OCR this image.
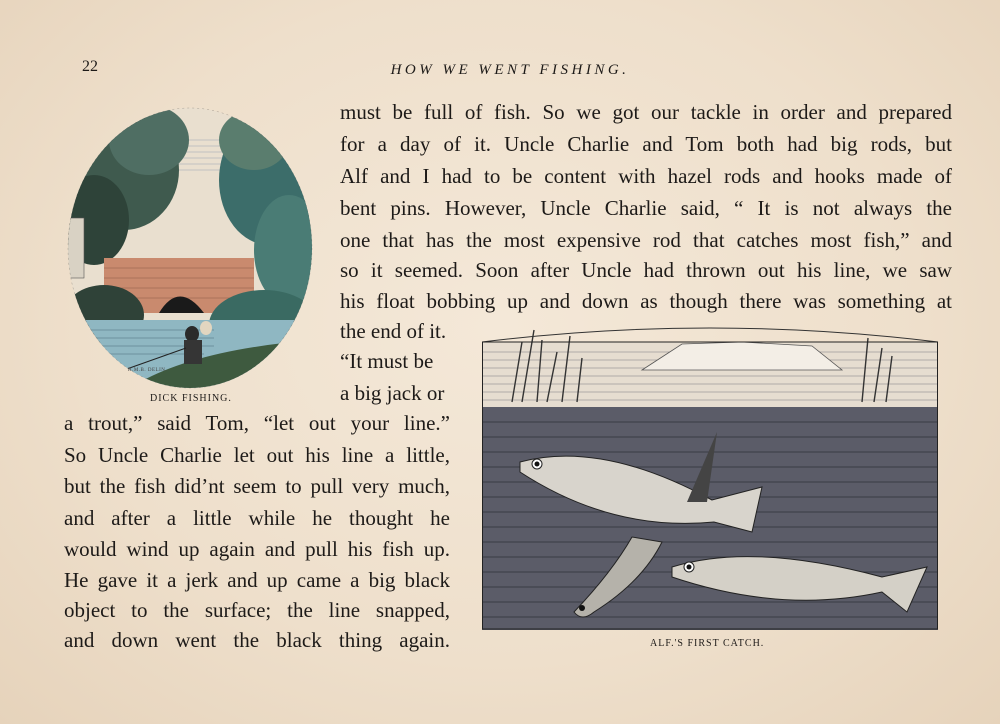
22	HOW WE WENT FISHING.
H.M.B. DELIN.
DICK FISHING.
ALF.'S FIRST CATCH.
must be full of fish. So we got our tackle in order and prepared
for a day of it. Uncle Charlie and Tom both had big rods, but
Alf and I had to be content with hazel rods and hooks made of
bent pins. However, Uncle Charlie said, “ It is not always the
one that has the most expensive rod that catches most fish,” and
so it seemed. Soon after Uncle had thrown out his line, we saw
his float bobbing up and down as though there was something at
the end of it.
“It must be
a big jack or
a trout,” said Tom, “let out your line.”
So Uncle Charlie let out his line a little,
but the fish did’nt seem to pull very much,
and after a little while he thought he
would wind up again and pull his fish up.
He gave it a jerk and up came a big black
object to the surface; the line snapped,
and down went the black thing again.
